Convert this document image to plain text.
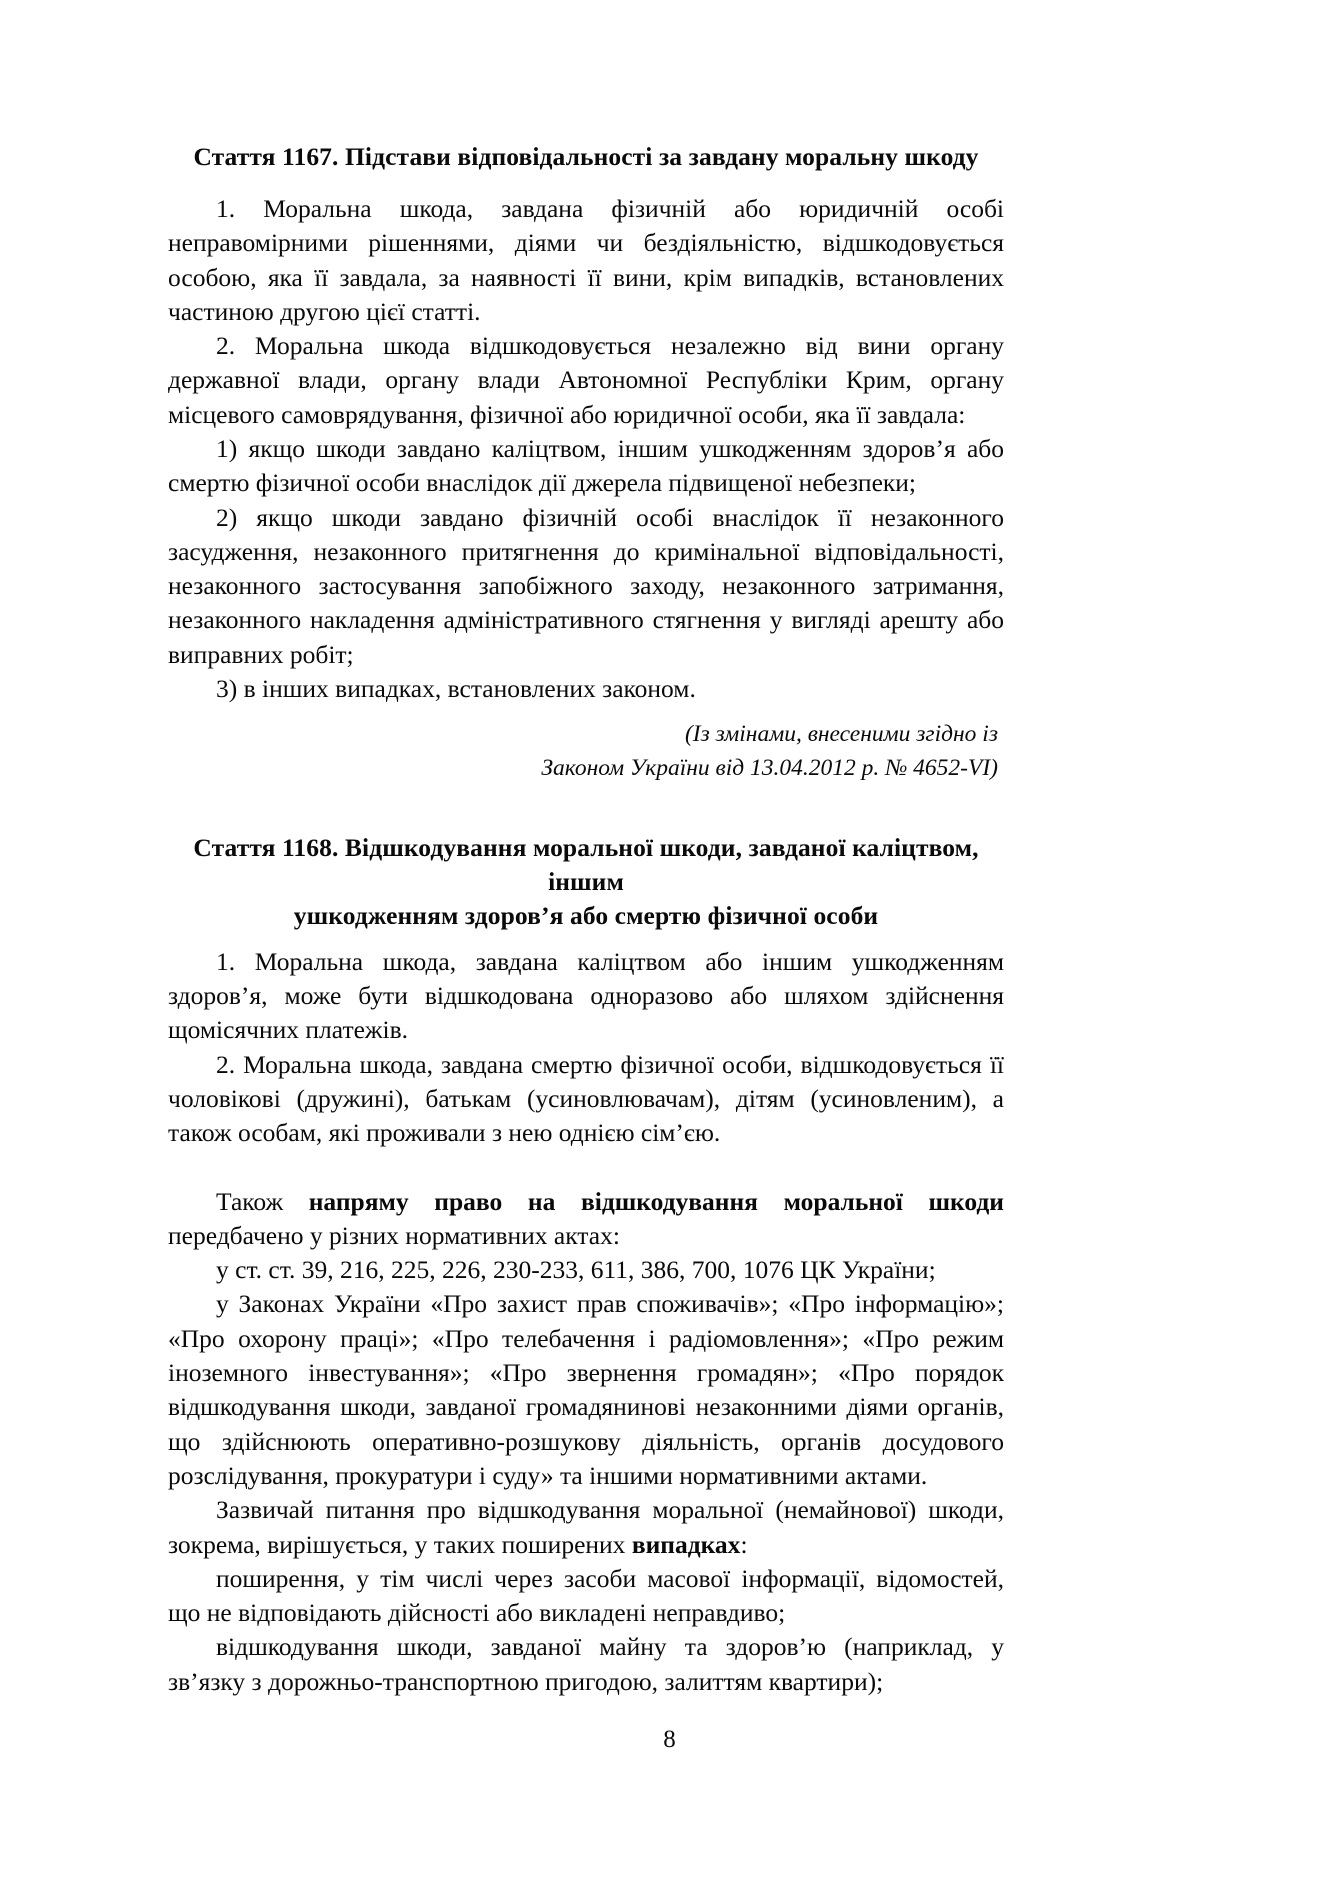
Стаття 1167. Підстави відповідальності за завдану моральну шкоду

1. Моральна шкода, завдана фізичній або юридичній особі неправомірними рішеннями, діями чи бездіяльністю, відшкодовується особою, яка її завдала, за наявності її вини, крім випадків, встановлених частиною другою цієї статті.

2. Моральна шкода відшкодовується незалежно від вини органу державної влади, органу влади Автономної Республіки Крим, органу місцевого самоврядування, фізичної або юридичної особи, яка її завдала:

1) якщо шкоди завдано каліцтвом, іншим ушкодженням здоров’я або смертю фізичної особи внаслідок дії джерела підвищеної небезпеки;

2) якщо шкоди завдано фізичній особі внаслідок її незаконного засудження, незаконного притягнення до кримінальної відповідальності, незаконного застосування запобіжного заходу, незаконного затримання, незаконного накладення адміністративного стягнення у вигляді арешту або виправних робіт;

3) в інших випадках, встановлених законом.

(Із змінами, внесеними згідно із
Законом України від 13.04.2012 р. № 4652-VI)
Стаття 1168. Відшкодування моральної шкоди, завданої каліцтвом, іншим
ушкодженням здоров’я або смертю фізичної особи

1. Моральна шкода, завдана каліцтвом або іншим ушкодженням здоров’я, може бути відшкодована одноразово або шляхом здійснення щомісячних платежів.

2. Моральна шкода, завдана смертю фізичної особи, відшкодовується її чоловікові (дружині), батькам (усиновлювачам), дітям (усиновленим), а також особам, які проживали з нею однією сім’єю.

Також напряму право на відшкодування моральної шкоди передбачено у різних нормативних актах:

у ст. ст. 39, 216, 225, 226, 230-233, 611, 386, 700, 1076 ЦК України;

у Законах України «Про захист прав споживачів»; «Про інформацію»; «Про охорону праці»; «Про телебачення і радіомовлення»; «Про режим іноземного інвестування»; «Про звернення громадян»; «Про порядок відшкодування шкоди, завданої громадянинові незаконними діями органів, що здійснюють оперативно-розшукову діяльність, органів досудового розслідування, прокуратури і суду» та іншими нормативними актами.

Зазвичай питання про відшкодування моральної (немайнової) шкоди, зокрема, вирішується, у таких поширених випадках:

поширення, у тім числі через засоби масової інформації, відомостей, що не відповідають дійсності або викладені неправдиво;

відшкодування шкоди, завданої майну та здоров’ю (наприклад, у зв’язку з дорожньо-транспортною пригодою, залиттям квартири);

8
